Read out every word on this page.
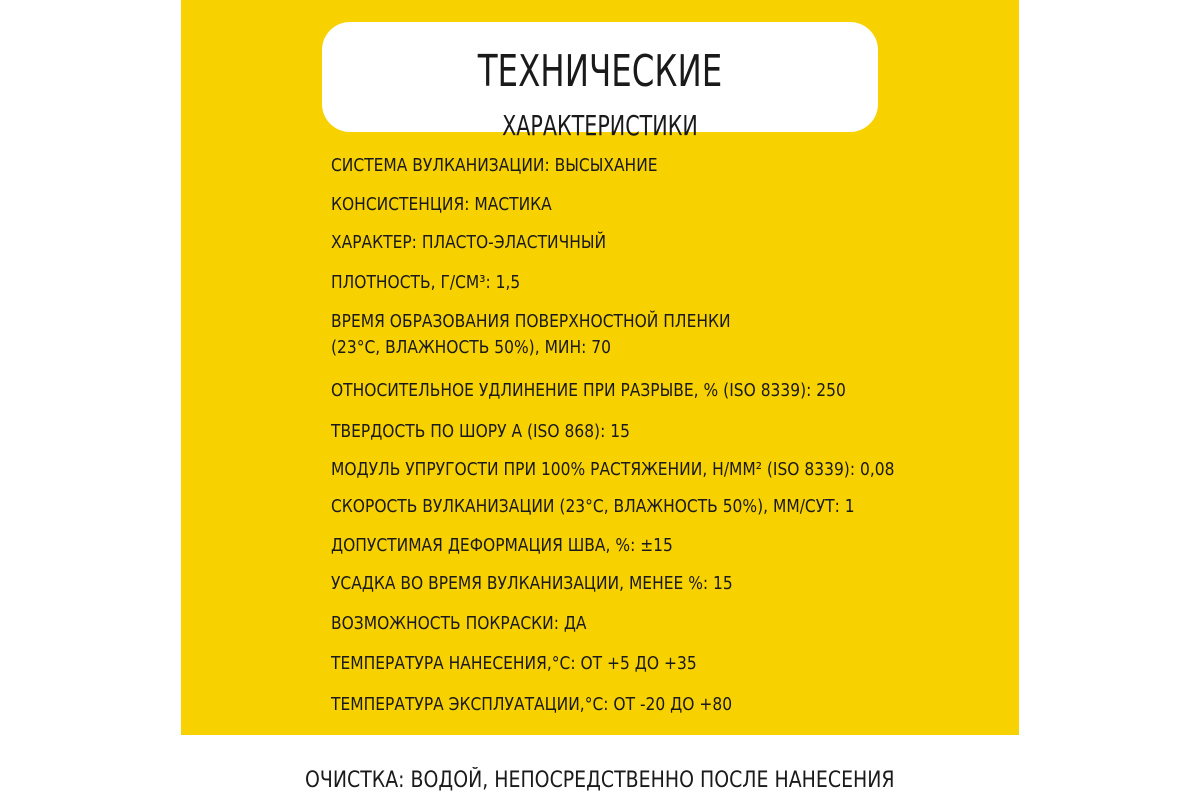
ТЕХНИЧЕСКИЕ
ХАРАКТЕРИСТИКИ
СИСТЕМА ВУЛКАНИЗАЦИИ: ВЫСЫХАНИЕ
КОНСИСТЕНЦИЯ: МАСТИКА
ХАРАКТЕР: ПЛАСТО-ЭЛАСТИЧНЫЙ
ПЛОТНОСТЬ, Г/СМ³: 1,5
ВРЕМЯ ОБРАЗОВАНИЯ ПОВЕРХНОСТНОЙ ПЛЕНКИ
(23°С, ВЛАЖНОСТЬ 50%), МИН: 70
ОТНОСИТЕЛЬНОЕ УДЛИНЕНИЕ ПРИ РАЗРЫВЕ, % (ISO 8339): 250
ТВЕРДОСТЬ ПО ШОРУ А (ISO 868): 15
МОДУЛЬ УПРУГОСТИ ПРИ 100% РАСТЯЖЕНИИ, Н/ММ² (ISO 8339): 0,08
СКОРОСТЬ ВУЛКАНИЗАЦИИ (23°С, ВЛАЖНОСТЬ 50%), ММ/СУТ: 1
ДОПУСТИМАЯ ДЕФОРМАЦИЯ ШВА, %: ±15
УСАДКА ВО ВРЕМЯ ВУЛКАНИЗАЦИИ, МЕНЕЕ %: 15
ВОЗМОЖНОСТЬ ПОКРАСКИ: ДА
ТЕМПЕРАТУРА НАНЕСЕНИЯ,°С: ОТ +5 ДО +35
ТЕМПЕРАТУРА ЭКСПЛУАТАЦИИ,°С: ОТ -20 ДО +80
ОЧИСТКА: ВОДОЙ, НЕПОСРЕДСТВЕННО ПОСЛЕ НАНЕСЕНИЯ
